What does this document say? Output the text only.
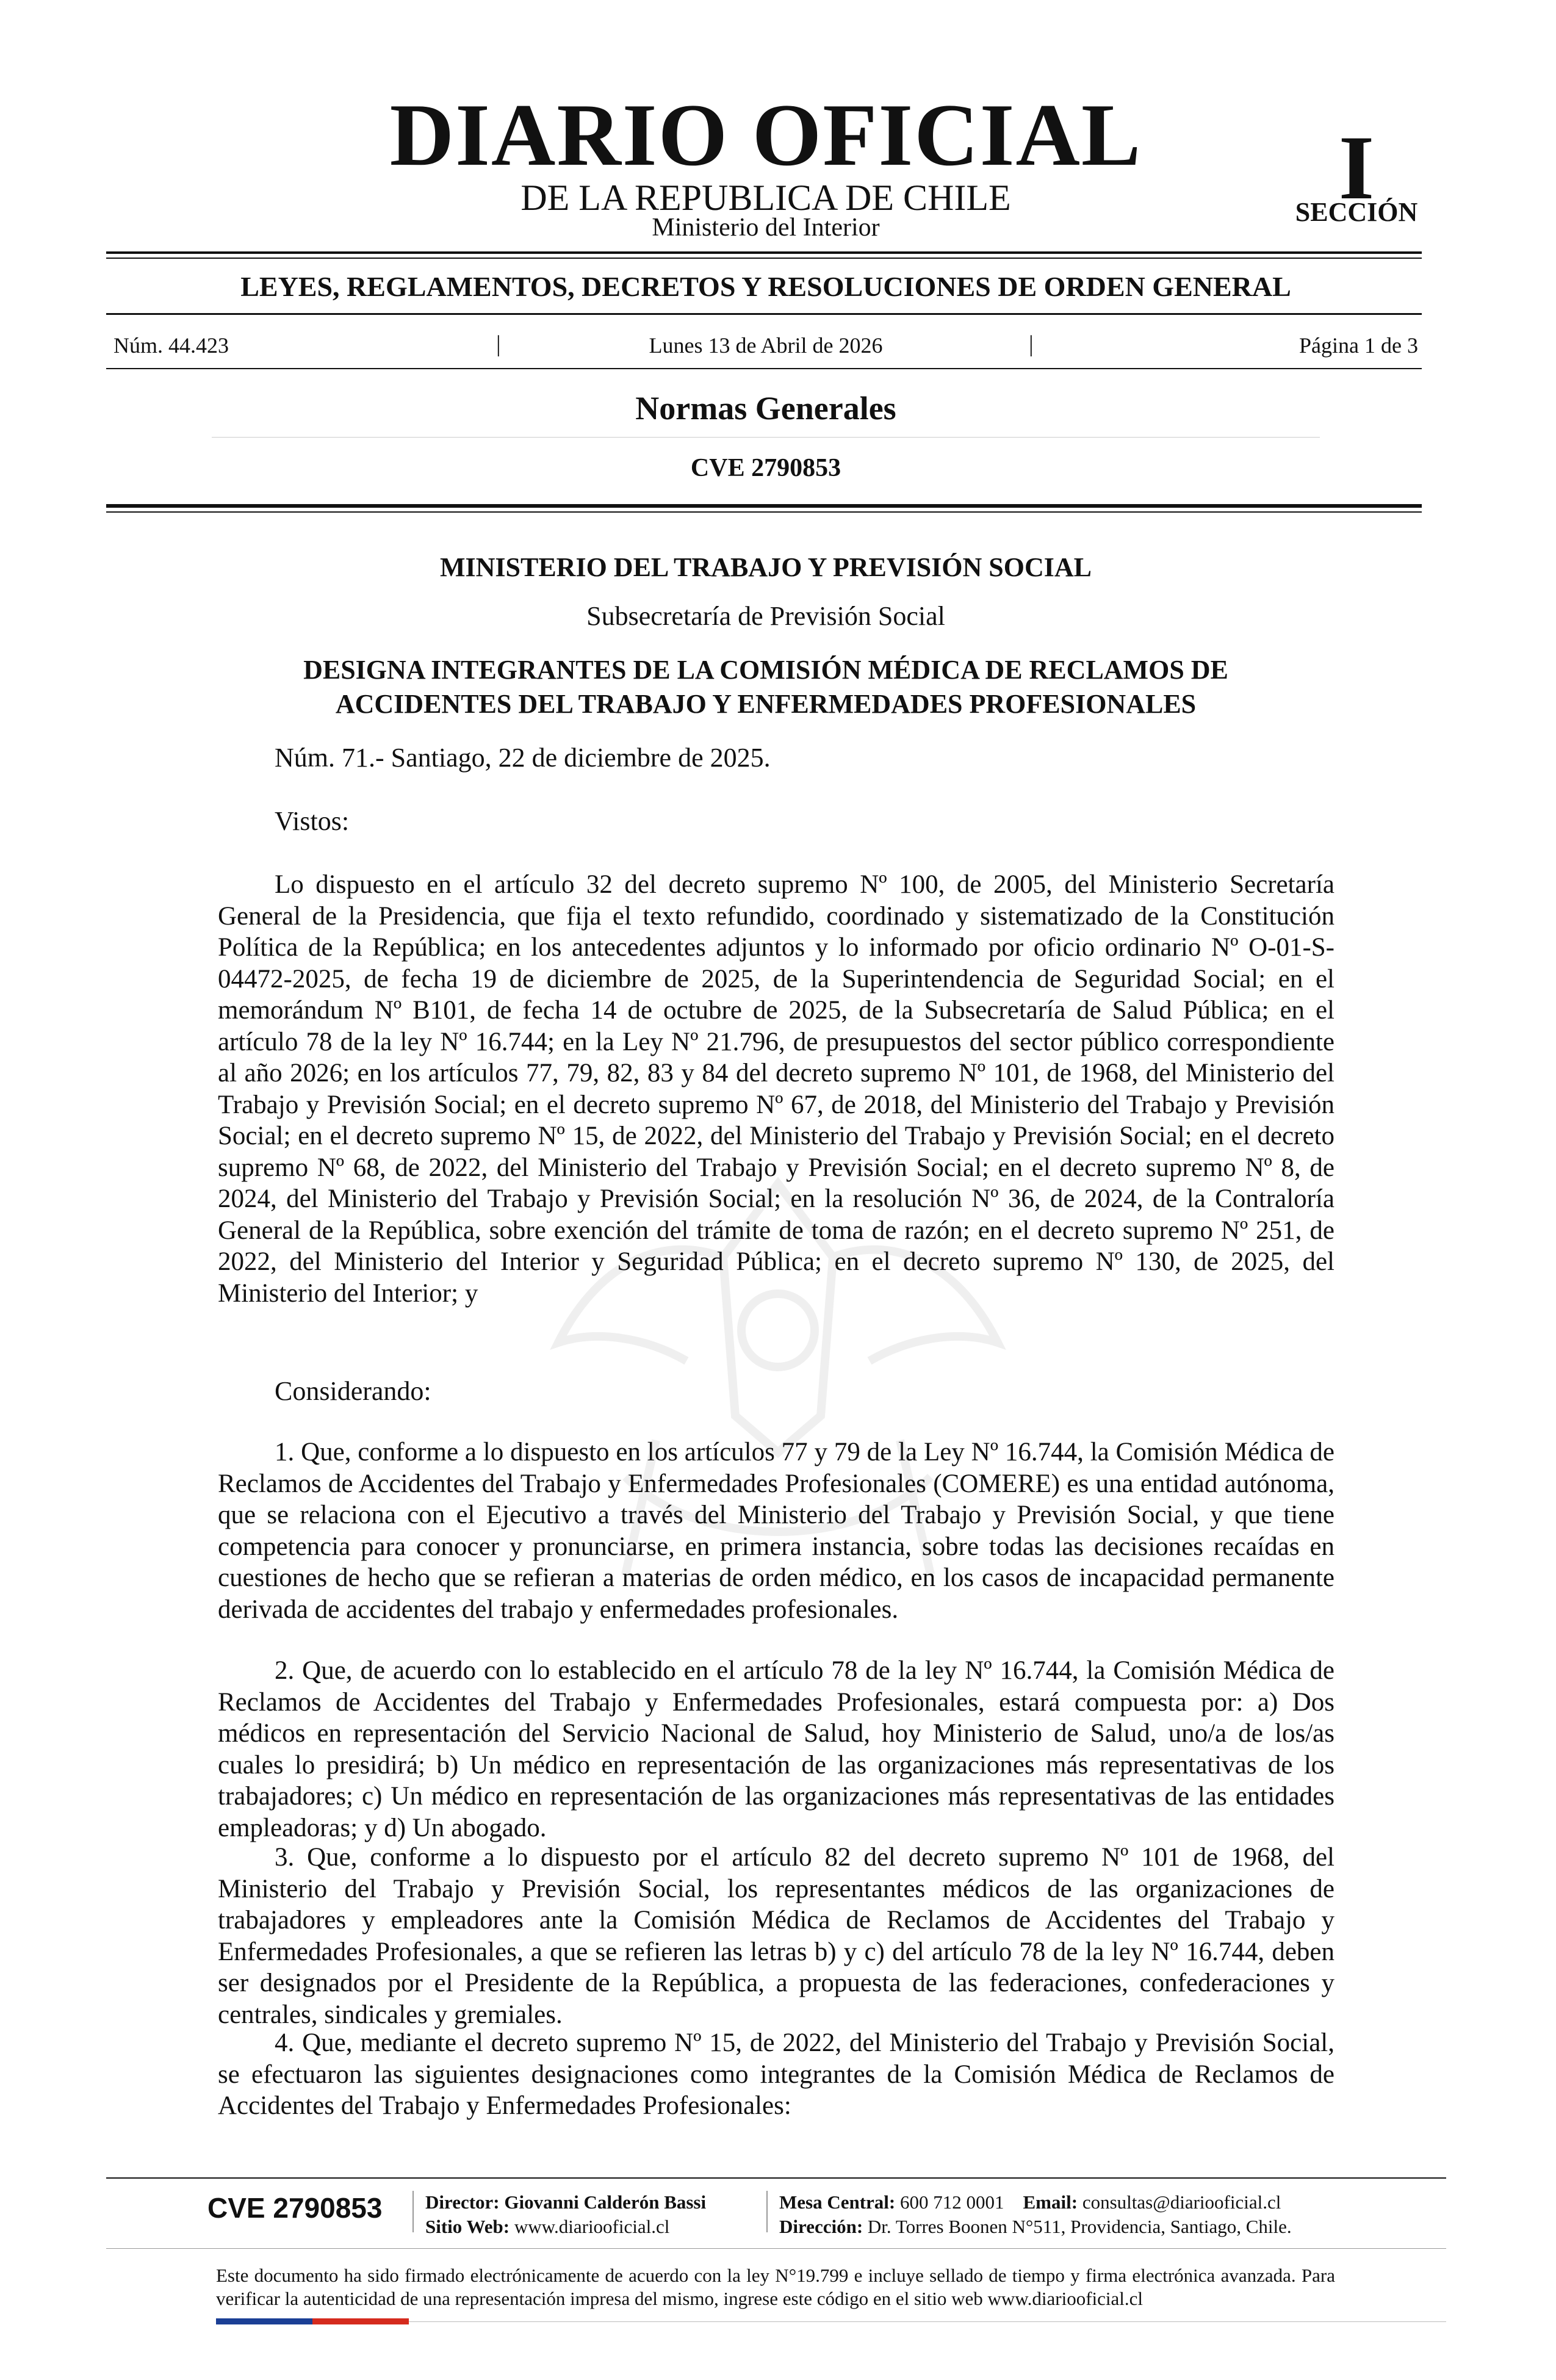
DIARIO OFICIAL
DE LA REPUBLICA DE CHILE
Ministerio del Interior
I
SECCIÓN
LEYES, REGLAMENTOS, DECRETOS Y RESOLUCIONES DE ORDEN GENERAL
Núm. 44.423	|	Lunes 13 de Abril de 2026	|	Página 1 de 3
Normas Generales
CVE 2790853
MINISTERIO DEL TRABAJO Y PREVISIÓN SOCIAL
Subsecretaría de Previsión Social
DESIGNA INTEGRANTES DE LA COMISIÓN MÉDICA DE RECLAMOS DE
ACCIDENTES DEL TRABAJO Y ENFERMEDADES PROFESIONALES
Núm. 71.- Santiago, 22 de diciembre de 2025.
Vistos:
Lo dispuesto en el artículo 32 del decreto supremo Nº 100, de 2005, del Ministerio Secretaría General de la Presidencia, que fija el texto refundido, coordinado y sistematizado de la Constitución Política de la República; en los antecedentes adjuntos y lo informado por oficio ordinario Nº O-01-S-04472-2025, de fecha 19 de diciembre de 2025, de la Superintendencia de Seguridad Social; en el memorándum Nº B101, de fecha 14 de octubre de 2025, de la Subsecretaría de Salud Pública; en el artículo 78 de la ley Nº 16.744; en la Ley Nº 21.796, de presupuestos del sector público correspondiente al año 2026; en los artículos 77, 79, 82, 83 y 84 del decreto supremo Nº 101, de 1968, del Ministerio del Trabajo y Previsión Social; en el decreto supremo Nº 67, de 2018, del Ministerio del Trabajo y Previsión Social; en el decreto supremo Nº 15, de 2022, del Ministerio del Trabajo y Previsión Social; en el decreto supremo Nº 68, de 2022, del Ministerio del Trabajo y Previsión Social; en el decreto supremo Nº 8, de 2024, del Ministerio del Trabajo y Previsión Social; en la resolución Nº 36, de 2024, de la Contraloría General de la República, sobre exención del trámite de toma de razón; en el decreto supremo Nº 251, de 2022, del Ministerio del Interior y Seguridad Pública; en el decreto supremo Nº 130, de 2025, del Ministerio del Interior; y
Considerando:
1. Que, conforme a lo dispuesto en los artículos 77 y 79 de la Ley Nº 16.744, la Comisión Médica de Reclamos de Accidentes del Trabajo y Enfermedades Profesionales (COMERE) es una entidad autónoma, que se relaciona con el Ejecutivo a través del Ministerio del Trabajo y Previsión Social, y que tiene competencia para conocer y pronunciarse, en primera instancia, sobre todas las decisiones recaídas en cuestiones de hecho que se refieran a materias de orden médico, en los casos de incapacidad permanente derivada de accidentes del trabajo y enfermedades profesionales.
2. Que, de acuerdo con lo establecido en el artículo 78 de la ley Nº 16.744, la Comisión Médica de Reclamos de Accidentes del Trabajo y Enfermedades Profesionales, estará compuesta por: a) Dos médicos en representación del Servicio Nacional de Salud, hoy Ministerio de Salud, uno/a de los/as cuales lo presidirá; b) Un médico en representación de las organizaciones más representativas de los trabajadores; c) Un médico en representación de las organizaciones más representativas de las entidades empleadoras; y d) Un abogado.
3. Que, conforme a lo dispuesto por el artículo 82 del decreto supremo Nº 101 de 1968, del Ministerio del Trabajo y Previsión Social, los representantes médicos de las organizaciones de trabajadores y empleadores ante la Comisión Médica de Reclamos de Accidentes del Trabajo y Enfermedades Profesionales, a que se refieren las letras b) y c) del artículo 78 de la ley Nº 16.744, deben ser designados por el Presidente de la República, a propuesta de las federaciones, confederaciones y centrales, sindicales y gremiales.
4. Que, mediante el decreto supremo Nº 15, de 2022, del Ministerio del Trabajo y Previsión Social, se efectuaron las siguientes designaciones como integrantes de la Comisión Médica de Reclamos de Accidentes del Trabajo y Enfermedades Profesionales:
CVE 2790853 Director: Giovanni Calderón Bassi
Sitio Web: www.diariooficial.cl
Mesa Central: 600 712 0001 Email: consultas@diariooficial.cl
Dirección: Dr. Torres Boonen N°511, Providencia, Santiago, Chile.
Este documento ha sido firmado electrónicamente de acuerdo con la ley N°19.799 e incluye sellado de tiempo y firma electrónica avanzada. Para verificar la autenticidad de una representación impresa del mismo, ingrese este código en el sitio web www.diariooficial.cl
